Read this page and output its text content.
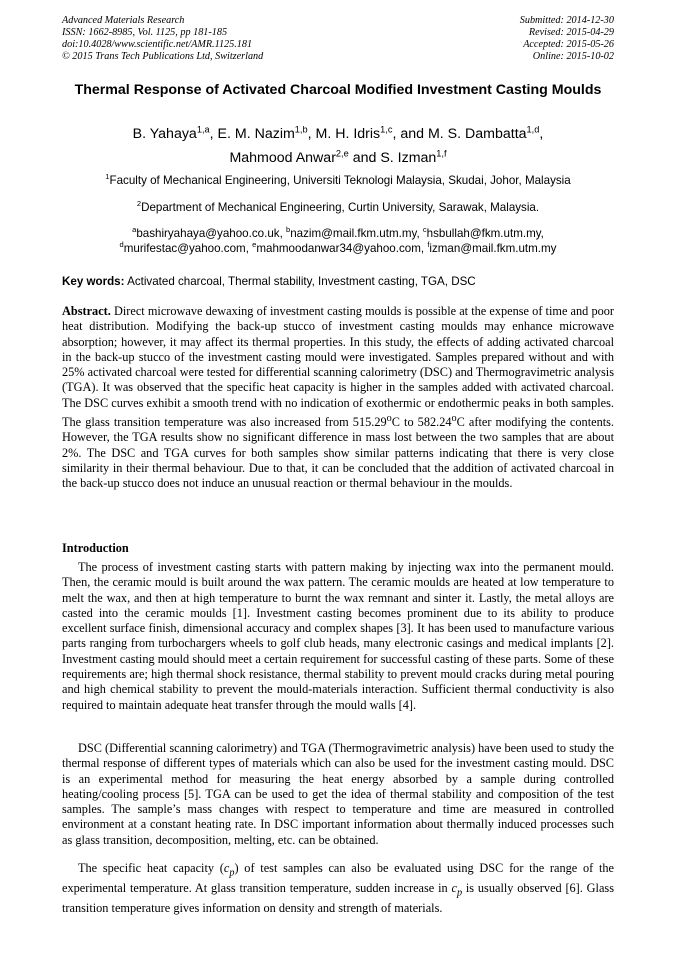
Advanced Materials Research
ISSN: 1662-8985, Vol. 1125, pp 181-185
doi:10.4028/www.scientific.net/AMR.1125.181
© 2015 Trans Tech Publications Ltd, Switzerland
Submitted: 2014-12-30
Revised: 2015-04-29
Accepted: 2015-05-26
Online: 2015-10-02
Thermal Response of Activated Charcoal Modified Investment Casting Moulds
B. Yahaya$^{1,a}$, E. M. Nazim$^{1,b}$, M. H. Idris$^{1,c}$, and M. S. Dambatta$^{1,d}$,
Mahmood Anwar$^{2,e}$ and S. Izman$^{1,f}$
$^1$Faculty of Mechanical Engineering, Universiti Teknologi Malaysia, Skudai, Johor, Malaysia
$^2$Department of Mechanical Engineering, Curtin University, Sarawak, Malaysia.
$^a$bashiryahaya@yahoo.co.uk, $^b$nazim@mail.fkm.utm.my, $^c$hsbullah@fkm.utm.my,
$^d$murifestac@yahoo.com, $^e$mahmoodanwar34@yahoo.com, $^f$izman@mail.fkm.utm.my
Key words: Activated charcoal, Thermal stability, Investment casting, TGA, DSC

Abstract. Direct microwave dewaxing of investment casting moulds is possible at the expense of time and poor heat distribution. Modifying the back-up stucco of investment casting moulds may enhance microwave absorption; however, it may affect its thermal properties. In this study, the effects of adding activated charcoal in the back-up stucco of the investment casting mould were investigated. Samples prepared without and with 25% activated charcoal were tested for differential scanning calorimetry (DSC) and Thermogravimetric analysis (TGA). It was observed that the specific heat capacity is higher in the samples added with activated charcoal. The DSC curves exhibit a smooth trend with no indication of exothermic or endothermic peaks in both samples. The glass transition temperature was also increased from 515.29$^o$C to 582.24$^o$C after modifying the contents. However, the TGA results show no significant difference in mass lost between the two samples that are about 2%. The DSC and TGA curves for both samples show similar patterns indicating that there is very close similarity in their thermal behaviour. Due to that, it can be concluded that the addition of activated charcoal in the back-up stucco does not induce an unusual reaction or thermal behaviour in the moulds.

Introduction

The process of investment casting starts with pattern making by injecting wax into the permanent mould. Then, the ceramic mould is built around the wax pattern. The ceramic moulds are heated at low temperature to melt the wax, and then at high temperature to burnt the wax remnant and sinter it. Lastly, the metal alloys are casted into the ceramic moulds [1]. Investment casting becomes prominent due to its ability to produce excellent surface finish, dimensional accuracy and complex shapes [3]. It has been used to manufacture various parts ranging from turbochargers wheels to golf club heads, many electronic casings and medical implants [2]. Investment casting mould should meet a certain requirement for successful casting of these parts. Some of these requirements are; high thermal shock resistance, thermal stability to prevent mould cracks during metal pouring and high chemical stability to prevent the mould-materials interaction. Sufficient thermal conductivity is also required to maintain adequate heat transfer through the mould walls [4].

DSC (Differential scanning calorimetry) and TGA (Thermogravimetric analysis) have been used to study the thermal response of different types of materials which can also be used for the investment casting mould. DSC is an experimental method for measuring the heat energy absorbed by a sample during controlled heating/cooling process [5]. TGA can be used to get the idea of thermal stability and composition of the test samples. The sample’s mass changes with respect to temperature and time are measured in controlled environment at a constant heating rate. In DSC important information about thermally induced processes such as glass transition, decomposition, melting, etc. can be obtained.

The specific heat capacity $(c_p)$ of test samples can also be evaluated using DSC for the range of the experimental temperature. At glass transition temperature, sudden increase in $c_p$ is usually observed [6]. Glass transition temperature gives information on density and strength of materials.
